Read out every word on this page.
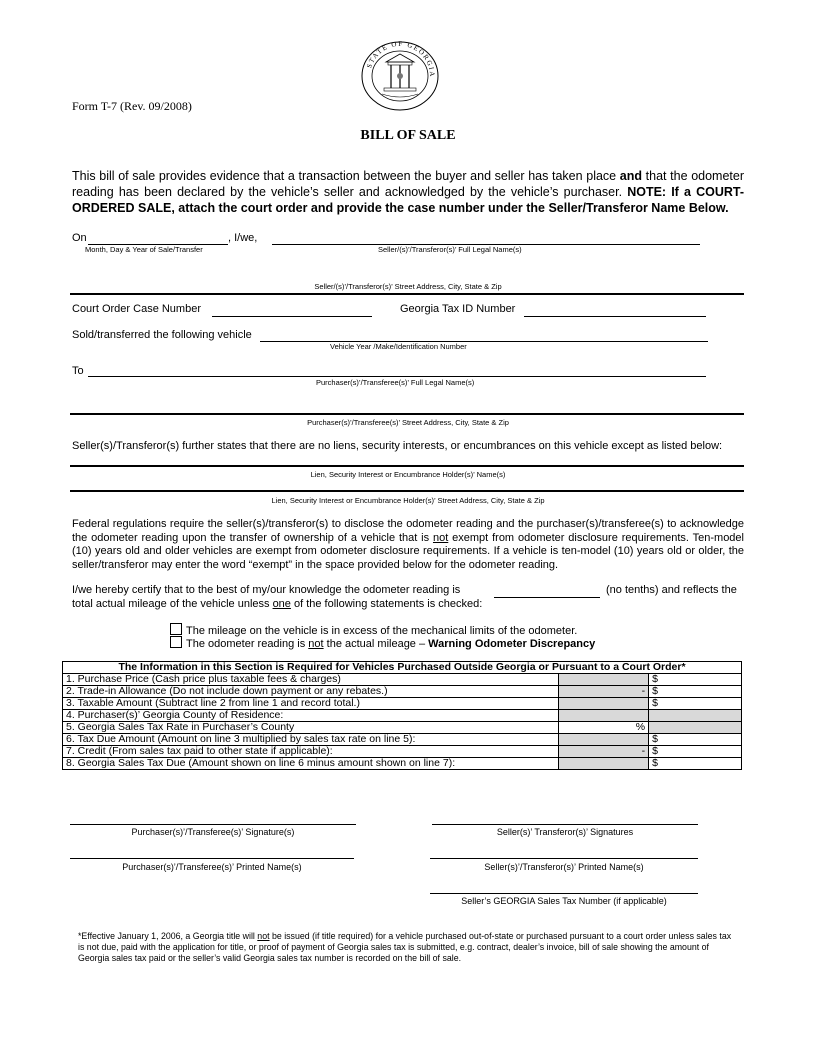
STATE OF GEORGIA
Form T-7 (Rev. 09/2008)
BILL OF SALE
This bill of sale provides evidence that a transaction between the buyer and seller has taken place and that the odometer reading has been declared by the vehicle’s seller and acknowledged by the vehicle’s purchaser. NOTE: If a COURT-ORDERED SALE, attach the court order and provide the case number under the Seller/Transferor Name Below.
On	, I/we,
Month, Day & Year of Sale/Transfer	Seller/(s)’/Transferor(s)’ Full Legal Name(s)
Seller/(s)’/Transferor(s)’ Street Address, City, State & Zip
Court Order Case Number	Georgia Tax ID Number
Sold/transferred the following vehicle
Vehicle Year /Make/Identification Number
To
Purchaser(s)’/Transferee(s)’ Full Legal Name(s)
Purchaser(s)’/Transferee(s)’ Street Address, City, State & Zip
Seller(s)/Transferor(s) further states that there are no liens, security interests, or encumbrances on this vehicle except as listed below:
Lien, Security Interest or Encumbrance Holder(s)’ Name(s)
Lien, Security Interest or Encumbrance Holder(s)’ Street Address, City, State & Zip
Federal regulations require the seller(s)/transferor(s) to disclose the odometer reading and the purchaser(s)/transferee(s) to acknowledge the odometer reading upon the transfer of ownership of a vehicle that is not exempt from odometer disclosure requirements. Ten-model (10) years old and older vehicles are exempt from odometer disclosure requirements. If a vehicle is ten-model (10) years old or older, the seller/transferor may enter the word “exempt” in the space provided below for the odometer reading.
I/we hereby certify that to the best of my/our knowledge the odometer reading is	(no tenths) and reflects the
total actual mileage of the vehicle unless one of the following statements is checked:
The mileage on the vehicle is in excess of the mechanical limits of the odometer.
The odometer reading is not the actual mileage – Warning Odometer Discrepancy
The Information in this Section is Required for Vehicles Purchased Outside Georgia or Pursuant to a Court Order*		
1. Purchase Price (Cash price plus taxable fees & charges)		$
2. Trade-in Allowance (Do not include down payment or any rebates.)	-	$
3. Taxable Amount (Subtract line 2 from line 1 and record total.)		$
4. Purchaser(s)’ Georgia County of Residence:		
5. Georgia Sales Tax Rate in Purchaser’s County	%	
6. Tax Due Amount (Amount on line 3 multiplied by sales tax rate on line 5):		$
7. Credit (From sales tax paid to other state if applicable):	-	$
8. Georgia Sales Tax Due (Amount shown on line 6 minus amount shown on line 7):		$
Purchaser(s)’/Transferee(s)’ Signature(s)	Seller(s)’ Transferor(s)’ Signatures
Purchaser(s)’/Transferee(s)’ Printed Name(s)	Seller(s)’/Transferor(s)’ Printed Name(s)
Seller’s GEORGIA Sales Tax Number (if applicable)
*Effective January 1, 2006, a Georgia title will not be issued (if title required) for a vehicle purchased out-of-state or purchased pursuant to a court order unless sales tax is not due, paid with the application for title, or proof of payment of Georgia sales tax is submitted, e.g. contract, dealer’s invoice, bill of sale showing the amount of Georgia sales tax paid or the seller’s valid Georgia sales tax number is recorded on the bill of sale.
